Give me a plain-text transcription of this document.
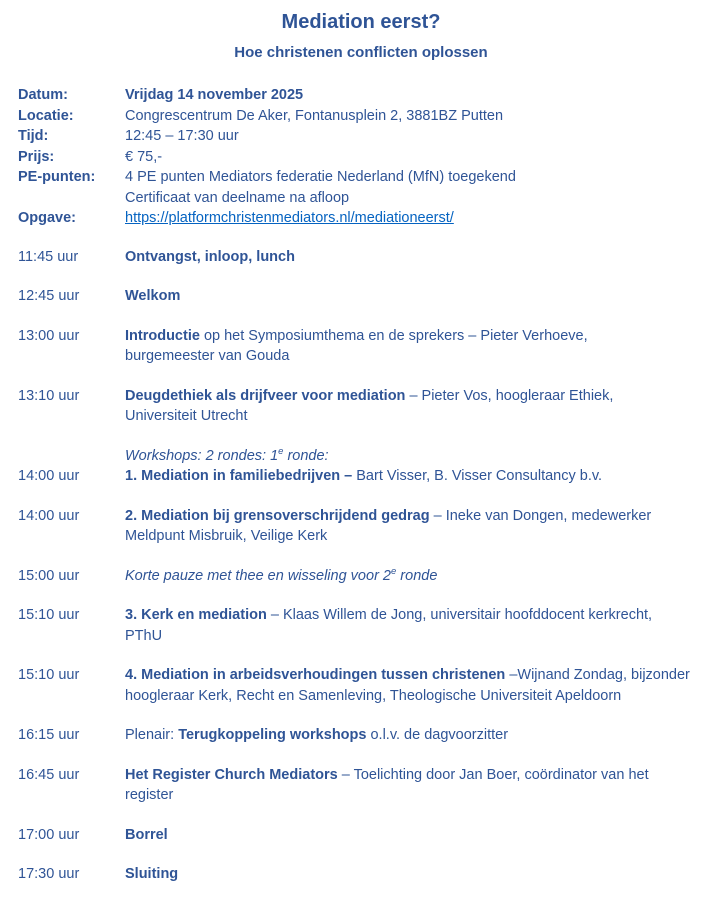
Mediation eerst?
Hoe christenen conflicten oplossen
Datum:	Vrijdag 14 november 2025
Locatie:	Congrescentrum De Aker, Fontanusplein 2, 3881BZ Putten
Tijd:	12:45 – 17:30 uur
Prijs:	€ 75,-
PE-punten:	4 PE punten Mediators federatie Nederland (MfN) toegekend
Certificaat van deelname na afloop
Opgave:	https://platformchristenmediators.nl/mediationeerst/
11:45 uur	Ontvangst, inloop, lunch
12:45 uur	Welkom
13:00 uur	Introductie op het Symposiumthema en de sprekers – Pieter Verhoeve,
burgemeester van Gouda
13:10 uur	Deugdethiek als drijfveer voor mediation – Pieter Vos, hoogleraar Ethiek,
Universiteit Utrecht
Workshops: 2 rondes: 1e ronde:
14:00 uur	1. Mediation in familiebedrijven – Bart Visser, B. Visser Consultancy b.v.
14:00 uur	2. Mediation bij grensoverschrijdend gedrag – Ineke van Dongen, medewerker
Meldpunt Misbruik, Veilige Kerk
15:00 uur	Korte pauze met thee en wisseling voor 2e ronde
15:10 uur	3. Kerk en mediation – Klaas Willem de Jong, universitair hoofddocent kerkrecht,
PThU
15:10 uur	4. Mediation in arbeidsverhoudingen tussen christenen –Wijnand Zondag, bijzonder
hoogleraar Kerk, Recht en Samenleving, Theologische Universiteit Apeldoorn
16:15 uur	Plenair: Terugkoppeling workshops o.l.v. de dagvoorzitter
16:45 uur	Het Register Church Mediators – Toelichting door Jan Boer, coördinator van het
register
17:00 uur	Borrel
17:30 uur	Sluiting
